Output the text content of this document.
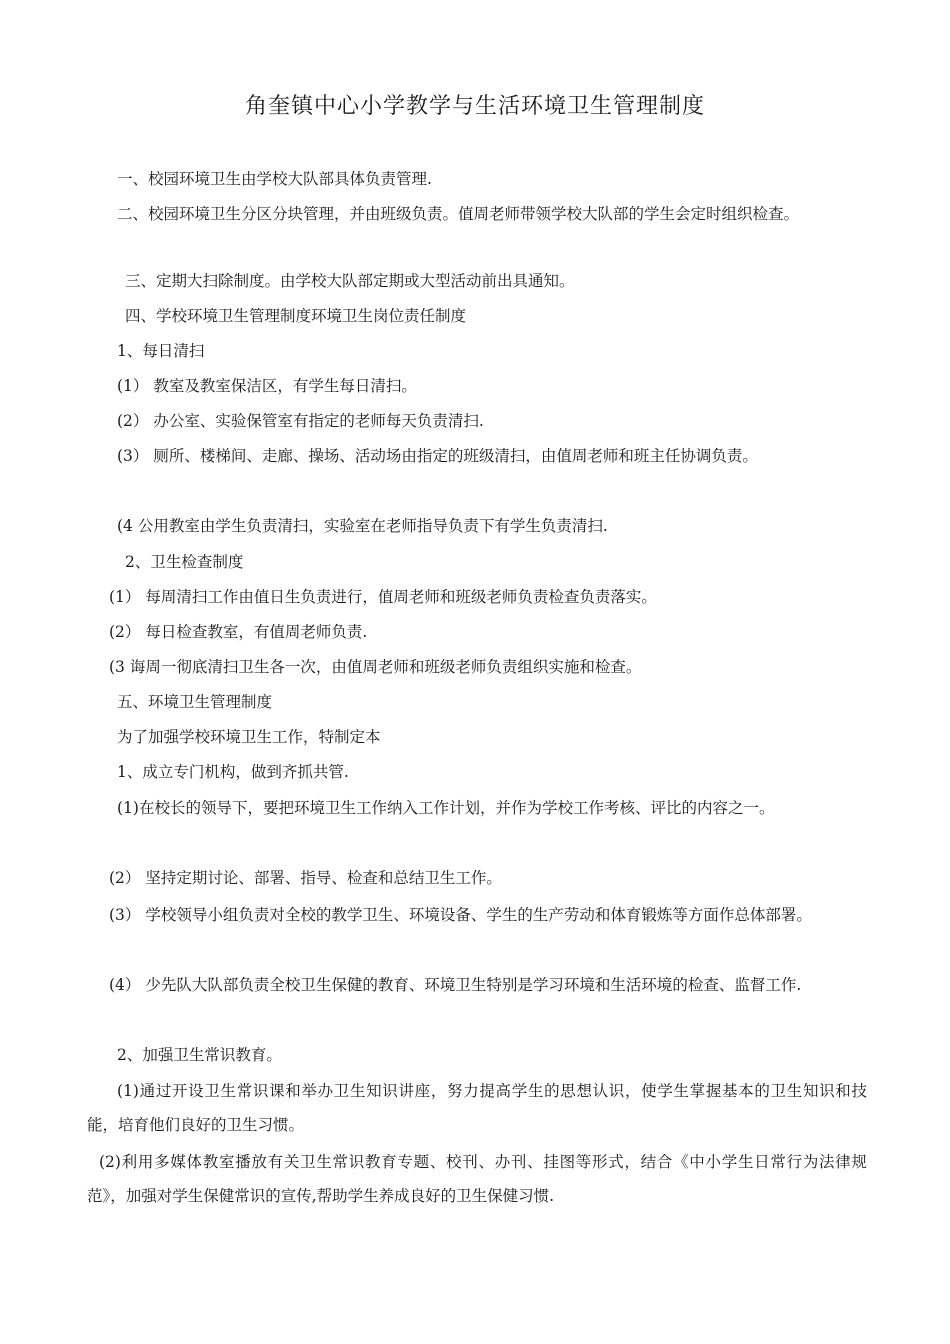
角奎镇中心小学教学与生活环境卫生管理制度
一、校园环境卫生由学校大队部具体负责管理.
二、校园环境卫生分区分块管理，并由班级负责。值周老师带领学校大队部的学生会定时组织检查。
三、定期大扫除制度。由学校大队部定期或大型活动前出具通知。
四、学校环境卫生管理制度环境卫生岗位责任制度
1、每日清扫
(1） 教室及教室保洁区，有学生每日清扫。
(2） 办公室、实验保管室有指定的老师每天负责清扫.
(3） 厕所、楼梯间、走廊、操场、活动场由指定的班级清扫，由值周老师和班主任协调负责。
(4 公用教室由学生负责清扫，实验室在老师指导负责下有学生负责清扫.
2、卫生检查制度
(1） 每周清扫工作由值日生负责进行，值周老师和班级老师负责检查负责落实。
(2） 每日检查教室，有值周老师负责.
(3 诲周一彻底清扫卫生各一次，由值周老师和班级老师负责组织实施和检查。
五、环境卫生管理制度
为了加强学校环境卫生工作，特制定本
1、成立专门机构，做到齐抓共管.
(1)在校长的领导下，要把环境卫生工作纳入工作计划，并作为学校工作考核、评比的内容之一。
(2） 坚持定期讨论、部署、指导、检查和总结卫生工作。
(3） 学校领导小组负责对全校的教学卫生、环境设备、学生的生产劳动和体育锻炼等方面作总体部署。
(4） 少先队大队部负责全校卫生保健的教育、环境卫生特别是学习环境和生活环境的检查、监督工作.
2、加强卫生常识教育。
(1)通过开设卫生常识课和举办卫生知识讲座，努力提高学生的思想认识，使学生掌握基本的卫生知识和技能，培育他们良好的卫生习惯。
(2)利用多媒体教室播放有关卫生常识教育专题、校刊、办刊、挂图等形式，结合《中小学生日常行为法律规范》，加强对学生保健常识的宣传,帮助学生养成良好的卫生保健习惯.
